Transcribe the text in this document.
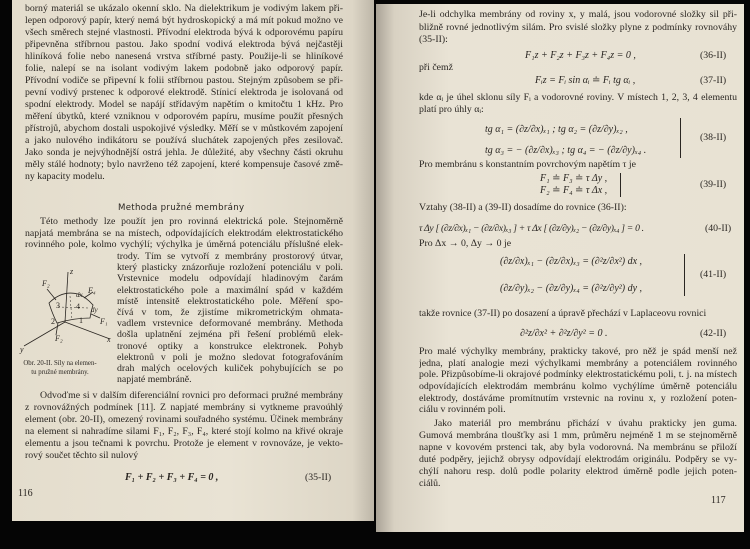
borný materiál se ukázalo okenní sklo. Na dielektrikum je vodivým lakem při-
lepen odporový papír, který nemá být hydroskopický a má mít pokud možno ve
všech směrech stejné vlastnosti. Přívodní elektroda bývá k odporovému papíru
připevněna stříbrnou pastou. Jako spodní vodivá elektroda bývá nejčastěji
hliníková folie nebo nanesená vrstva stříbrné pasty. Použije-li se hliníkové
folie, nalepí se na isolant vodivým lakem podobně jako odporový papír.
Přívodní vodiče se připevní k folii stříbrnou pastou. Stejným způsobem se při-
pevní vodivý prstenec k odporové elektrodě. Stínicí elektroda je isolovaná od
spodní elektrody. Model se napájí střídavým napětím o kmitočtu 1 kHz. Pro
měření úbytků, které vzniknou v odporovém papíru, musíme použít přesných
přístrojů, abychom dostali uspokojivé výsledky. Měří se v můstkovém zapojení
a jako nulového indikátoru se používá sluchátek zapojených přes zesilovač.
Jako sonda je nejvýhodnější ostrá jehla. Je důležité, aby všechny části okruhu
měly stálé hodnoty; bylo navrženo též zapojení, které kompensuje časové změ-
ny kapacity modelu.
Methoda pružné membrány
Této methody lze použít jen pro rovinná elektrická pole. Stejnoměrně
napjatá membrána se na místech, odpovídajících elektrodám elektrostatického
rovinného pole, kolmo vychýlí; výchylka je úměrná potenciálu příslušné elek-
trody. Tím se vytvoří z membrány prostorový útvar,
který plasticky znázorňuje rozložení potenciálu v poli.
Vrstevnice modelu odpovídají hladinovým čarám
elektrostatického pole a maximální spád v každém
místě intensitě elektrostatického pole. Měření spo-
čívá v tom, že zjistíme mikrometrickým ohmata-
vadlem vrstevnice deformované membrány. Methoda
došla uplatnění zejména při řešení problémů elek-
tronové optiky a konstrukce elektronek. Pohyb
elektronů v poli je možno sledovat fotografováním
drah malých ocelových kuliček pohybujících se po
napjaté membráně.
F₂
dx F₄
dy
F₁
3 4
2	1
F₂
z
x
y
Obr. 20-II. Síly na elemen-
tu pružné membrány.
Odvoďme si v dalším diferenciální rovnici pro deformaci pružné membrány
z rovnovážných podmínek [11]. Z napjaté membrány si vytkneme pravoúhlý
element (obr. 20-II), omezený rovinami souřadného systému. Účinek membrány
na element si nahradíme silami F₁, F₂, F₃, F₄, které stojí kolmo na křivé okraje
elementu a jsou tečnami k povrchu. Protože je element v rovnováze, je vekto-
rový součet těchto sil nulový
F₁ + F₂ + F₃ + F₄ = 0 ,	(35-II)
116
Je-li odchylka membrány od roviny x, y malá, jsou vodorovné složky sil při-
bližně rovné jednotlivým silám. Pro svislé složky plyne z podmínky rovnováhy
(35-II):
F₁z + F₂z + F₃z + F₄z = 0 ,	(36-II)
při čemž
Fᵢz = Fᵢ sin αᵢ ≐ Fᵢ tg αᵢ ,	(37-II)
kde αᵢ je úhel sklonu síly Fᵢ a vodorovné roviny. V místech 1, 2, 3, 4 elementu
platí pro úhly αᵢ:
tg α₁ = (∂z/∂x)ₓ₁ ; tg α₂ = (∂z/∂y)ₓ₂ ,
tg α₃ = − (∂z/∂x)ₓ₃ ; tg α₄ = − (∂z/∂y)ₓ₄ .
(38-II)
Pro membránu s konstantním povrchovým napětím τ je
F₁ ≐ F₃ ≐ τ Δy ,
F₂ ≐ F₄ ≐ τ Δx ,
(39-II)
Vztahy (38-II) a (39-II) dosadíme do rovnice (36-II):
τ Δy [ (∂z/∂x)ₓ₁ − (∂z/∂x)ₓ₃ ] + τ Δx [ (∂z/∂y)ₓ₂ − (∂z/∂y)ₓ₄ ] = 0 .	(40-II)
Pro Δx → 0, Δy → 0 je
(∂z/∂x)ₓ₁ − (∂z/∂x)ₓ₃ = (∂²z/∂x²) dx ,
(∂z/∂y)ₓ₂ − (∂z/∂y)ₓ₄ = (∂²z/∂y²) dy ,
(41-II)
takže rovnice (37-II) po dosazení a úpravě přechází v Laplaceovu rovnici
∂²z/∂x² + ∂²z/∂y² = 0 .	(42-II)
Pro malé výchylky membrány, prakticky takové, pro něž je spád menší než
jedna, platí analogie mezi výchylkami membrány a potenciálem rovinného
pole. Přizpůsobíme-li okrajové podmínky elektrostatickému poli, t. j. na místech
odpovídajících elektrodám membránu kolmo vychýlíme úměrně potenciálu
elektrody, dostáváme promítnutím vrstevnic na rovinu x, y rozložení poten-
ciálu v rovinném poli.
Jako materiál pro membránu přichází v úvahu prakticky jen guma.
Gumová membrána tloušťky asi 1 mm, průměru nejméně 1 m se stejnoměrně
napne v kovovém prstenci tak, aby byla vodorovná. Na membránu se přiloží
duté podpěry, jejichž obrysy odpovídají elektrodám originálu. Podpěry se vy-
chýlí nahoru resp. dolů podle polarity elektrod úměrně podle jejich poten-
ciálů.
117
